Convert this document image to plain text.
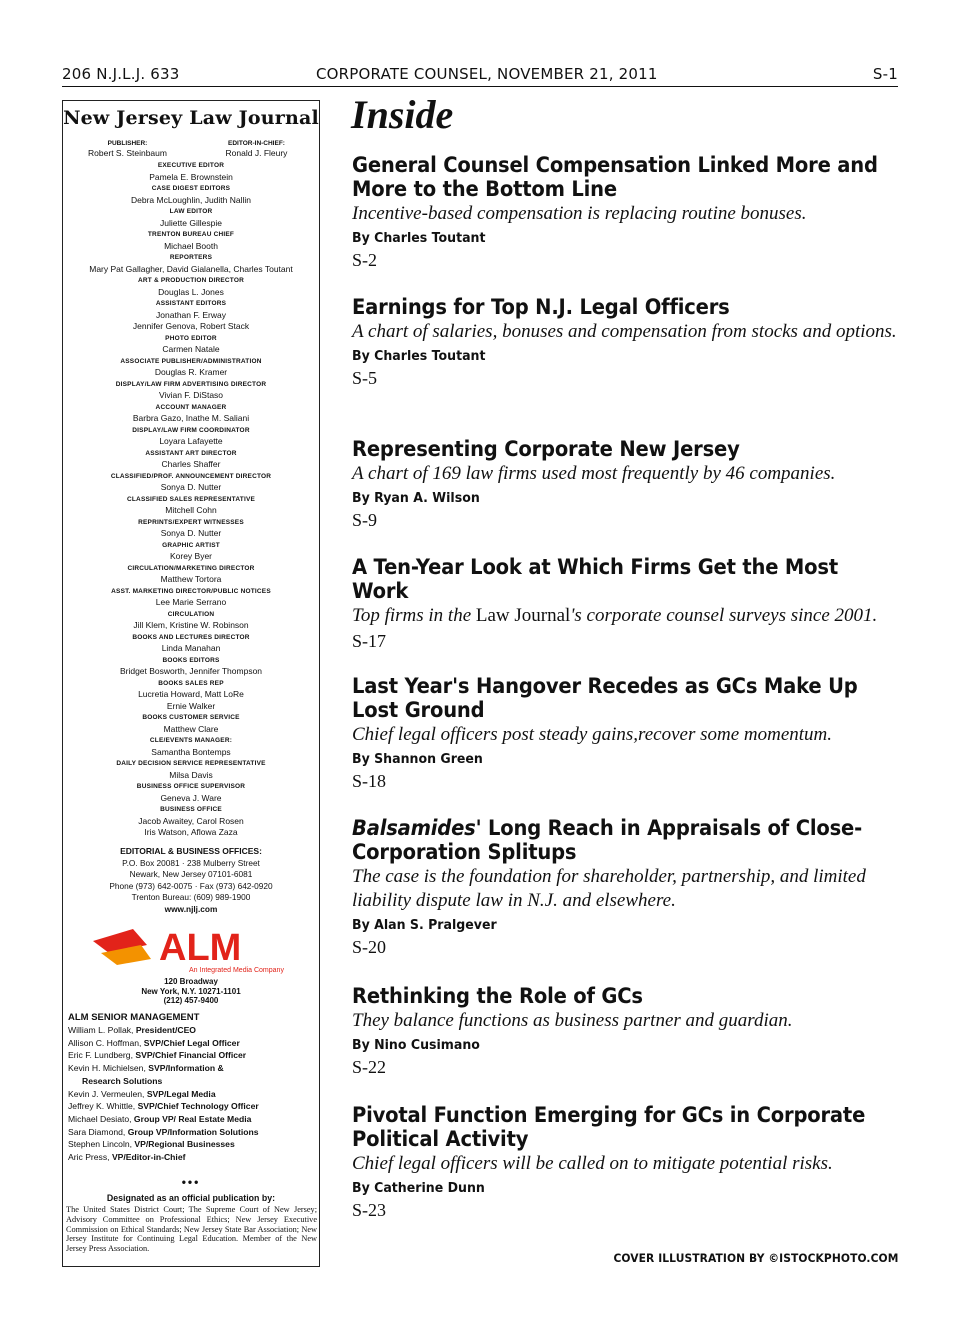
206 N.J.L.J. 633	CORPORATE COUNSEL, NOVEMBER 21, 2011	S-1
New Jersey Law Journal
PUBLISHER:	EDITOR-IN-CHIEF:
Robert S. Steinbaum	Ronald J. Fleury
EXECUTIVE EDITOR
Pamela E. Brownstein
CASE DIGEST EDITORS
Debra McLoughlin, Judith Nallin
LAW EDITOR
Juliette Gillespie
TRENTON BUREAU CHIEF
Michael Booth
REPORTERS
Mary Pat Gallagher, David Gialanella, Charles Toutant
ART & PRODUCTION DIRECTOR
Douglas L. Jones
ASSISTANT EDITORS
Jonathan F. Erway
Jennifer Genova, Robert Stack
PHOTO EDITOR
Carmen Natale
ASSOCIATE PUBLISHER/ADMINISTRATION
Douglas R. Kramer
DISPLAY/LAW FIRM ADVERTISING DIRECTOR
Vivian F. DiStaso
ACCOUNT MANAGER
Barbra Gazo, Inathe M. Saliani
DISPLAY/LAW FIRM COORDINATOR
Loyara Lafayette
ASSISTANT ART DIRECTOR
Charles Shaffer
CLASSIFIED/PROF. ANNOUNCEMENT DIRECTOR
Sonya D. Nutter
CLASSIFIED SALES REPRESENTATIVE
Mitchell Cohn
REPRINTS/EXPERT WITNESSES
Sonya D. Nutter
GRAPHIC ARTIST
Korey Byer
CIRCULATION/MARKETING DIRECTOR
Matthew Tortora
ASST. MARKETING DIRECTOR/PUBLIC NOTICES
Lee Marie Serrano
CIRCULATION
Jill Klem, Kristine W. Robinson
BOOKS AND LECTURES DIRECTOR
Linda Manahan
BOOKS EDITORS
Bridget Bosworth, Jennifer Thompson
BOOKS SALES REP
Lucretia Howard, Matt LoRe
Ernie Walker
BOOKS CUSTOMER SERVICE
Matthew Clare
CLE/EVENTS MANAGER:
Samantha Bontemps
DAILY DECISION SERVICE REPRESENTATIVE
Milsa Davis
BUSINESS OFFICE SUPERVISOR
Geneva J. Ware
BUSINESS OFFICE
Jacob Awaitey, Carol Rosen
Iris Watson, Aflowa Zaza
EDITORIAL & BUSINESS OFFICES:
P.O. Box 20081 · 238 Mulberry Street
Newark, New Jersey 07101-6081
Phone (973) 642-0075 · Fax (973) 642-0920
Trenton Bureau: (609) 989-1900
www.njlj.com
ALM
An Integrated Media Company
120 Broadway
New York, N.Y. 10271-1101
(212) 457-9400
ALM SENIOR MANAGEMENT
William L. Pollak, President/CEO
Allison C. Hoffman, SVP/Chief Legal Officer
Eric F. Lundberg, SVP/Chief Financial Officer
Kevin H. Michielsen, SVP/Information &
Research Solutions
Kevin J. Vermeulen, SVP/Legal Media
Jeffrey K. Whittle, SVP/Chief Technology Officer
Michael Desiato, Group VP/ Real Estate Media
Sara Diamond, Group VP/Information Solutions
Stephen Lincoln, VP/Regional Businesses
Aric Press, VP/Editor-in-Chief
•••
Designated as an official publication by:
The United States District Court; The Supreme Court of New Jersey; Advisory Committee on Professional Ethics; New Jersey Executive Commission on Ethical Standards; New Jersey State Bar Association; New Jersey Institute for Continuing Legal Education. Member of the New Jersey Press Association.
Inside
General Counsel Compensation Linked More and More to the Bottom Line
Incentive-based compensation is replacing routine bonuses.
By Charles Toutant
S-2
Earnings for Top N.J. Legal Officers
A chart of salaries, bonuses and compensation from stocks and options.
By Charles Toutant
S-5
Representing Corporate New Jersey
A chart of 169 law firms used most frequently by 46 companies.
By Ryan A. Wilson
S-9
A Ten-Year Look at Which Firms Get the Most Work
Top firms in the Law Journal's corporate counsel surveys since 2001.
S-17
Last Year's Hangover Recedes as GCs Make Up Lost Ground
Chief legal officers post steady gains,recover some momentum.
By Shannon Green
S-18
Balsamides' Long Reach in Appraisals of Close-Corporation Splitups
The case is the foundation for shareholder, partnership, and limited liability dispute law in N.J. and elsewhere.
By Alan S. Pralgever
S-20
Rethinking the Role of GCs
They balance functions as business partner and guardian.
By Nino Cusimano
S-22
Pivotal Function Emerging for GCs in Corporate Political Activity
Chief legal officers will be called on to mitigate potential risks.
By Catherine Dunn
S-23
COVER ILLUSTRATION BY ©ISTOCKPHOTO.COM
